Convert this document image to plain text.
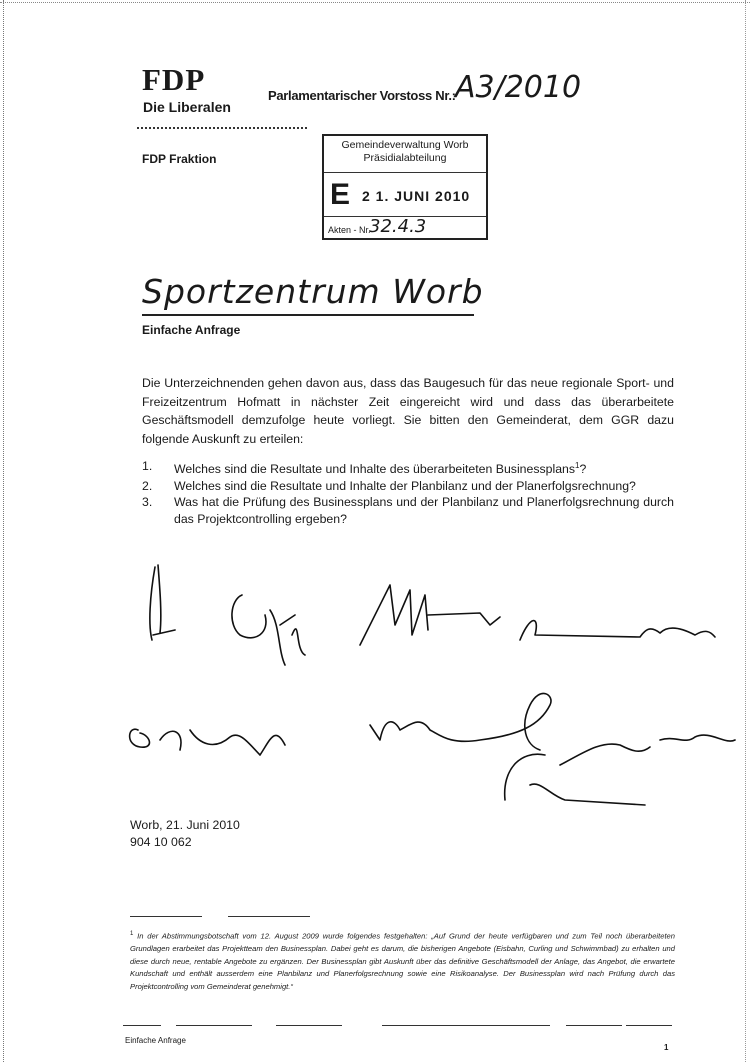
FDP
Die Liberalen
Parlamentarischer Vorstoss Nr.: A3/2010
FDP Fraktion
Gemeindeverwaltung Worb
Präsidialabteilung
E 2 1. JUNI 2010
Akten - Nr.
32.4.3
Sportzentrum Worb
Einfache Anfrage
Die Unterzeichnenden gehen davon aus, dass das Baugesuch für das neue regionale Sport- und Freizeitzentrum Hofmatt in nächster Zeit eingereicht wird und dass das überarbeitete Geschäftsmodell demzufolge heute vorliegt. Sie bitten den Gemeinderat, dem GGR dazu folgende Auskunft zu erteilen:
1. Welches sind die Resultate und Inhalte des überarbeiteten Businessplans$^1$?
2. Welches sind die Resultate und Inhalte der Planbilanz und der Planerfolgsrechnung?
3. Was hat die Prüfung des Businessplans und der Planbilanz und Planerfolgsrechnung durch das Projektcontrolling ergeben?
Worb, 21. Juni 2010
904 10 062
$^1$ In der Abstimmungsbotschaft vom 12. August 2009 wurde folgendes festgehalten: „Auf Grund der heute verfügbaren und zum Teil noch überarbeiteten Grundlagen erarbeitet das Projektteam den Businessplan. Dabei geht es darum, die bisherigen Angebote (Eisbahn, Curling und Schwimmbad) zu erhalten und diese durch neue, rentable Angebote zu ergänzen. Der Businessplan gibt Auskunft über das definitive Geschäftsmodell der Anlage, das Angebot, die erwartete Kundschaft und enthält ausserdem eine Planbilanz und Planerfolgsrechnung sowie eine Risikoanalyse. Der Businessplan wird nach Prüfung durch das Projektcontrolling vom Gemeinderat genehmigt.“
Einfache Anfrage
1
